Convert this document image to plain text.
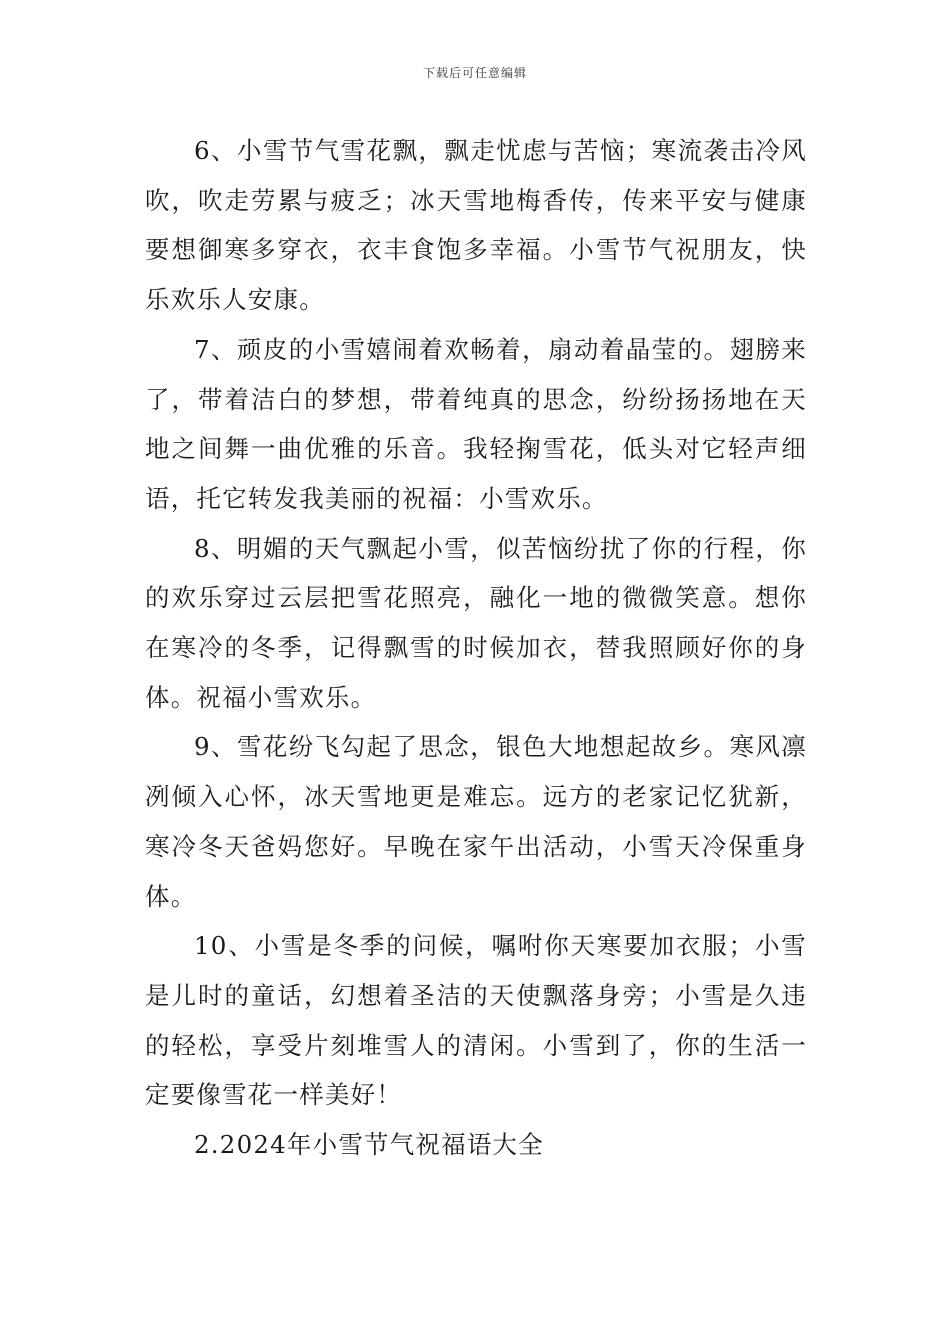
下载后可任意编辑

6、小雪节气雪花飘，飘走忧虑与苦恼；寒流袭击冷风吹，吹走劳累与疲乏；冰天雪地梅香传，传来平安与健康要想御寒多穿衣，衣丰食饱多幸福。小雪节气祝朋友，快乐欢乐人安康。

7、顽皮的小雪嬉闹着欢畅着，扇动着晶莹的。翅膀来了，带着洁白的梦想，带着纯真的思念，纷纷扬扬地在天地之间舞一曲优雅的乐音。我轻掬雪花，低头对它轻声细语，托它转发我美丽的祝福：小雪欢乐。

8、明媚的天气飘起小雪，似苦恼纷扰了你的行程，你的欢乐穿过云层把雪花照亮，融化一地的微微笑意。想你在寒冷的冬季，记得飘雪的时候加衣，替我照顾好你的身体。祝福小雪欢乐。

9、雪花纷飞勾起了思念，银色大地想起故乡。寒风凛冽倾入心怀，冰天雪地更是难忘。远方的老家记忆犹新，寒冷冬天爸妈您好。早晚在家午出活动，小雪天冷保重身体。

10、小雪是冬季的问候，嘱咐你天寒要加衣服；小雪是儿时的童话，幻想着圣洁的天使飘落身旁；小雪是久违的轻松，享受片刻堆雪人的清闲。小雪到了，你的生活一定要像雪花一样美好！

2.2024年小雪节气祝福语大全
